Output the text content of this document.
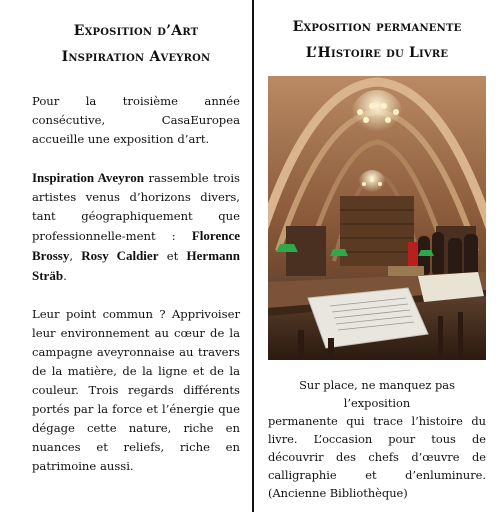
Exposition d’Art
Inspiration Aveyron

Pour la troisième année consécutive, CasaEuropea accueille une exposition d’art.

Inspiration Aveyron rassemble trois artistes venus d’horizons divers, tant géographiquement que professionnelle-ment : Florence Brossy, Rosy Caldier et Hermann Sträb.

Leur point commun ? Apprivoiser leur environnement au cœur de la campagne aveyronnaise au travers de la matière, de la ligne et de la couleur. Trois regards différents portés par la force et l’énergie que dégage cette nature, riche en nuances et reliefs, riche en patrimoine aussi.

Exposition permanente
L’Histoire du Livre
Sur place, ne manquez pas l’exposition
permanente qui trace l’histoire du livre. L’occasion pour tous de découvrir des chefs d’œuvre de calligraphie et d’enluminure. (Ancienne Bibliothèque)
